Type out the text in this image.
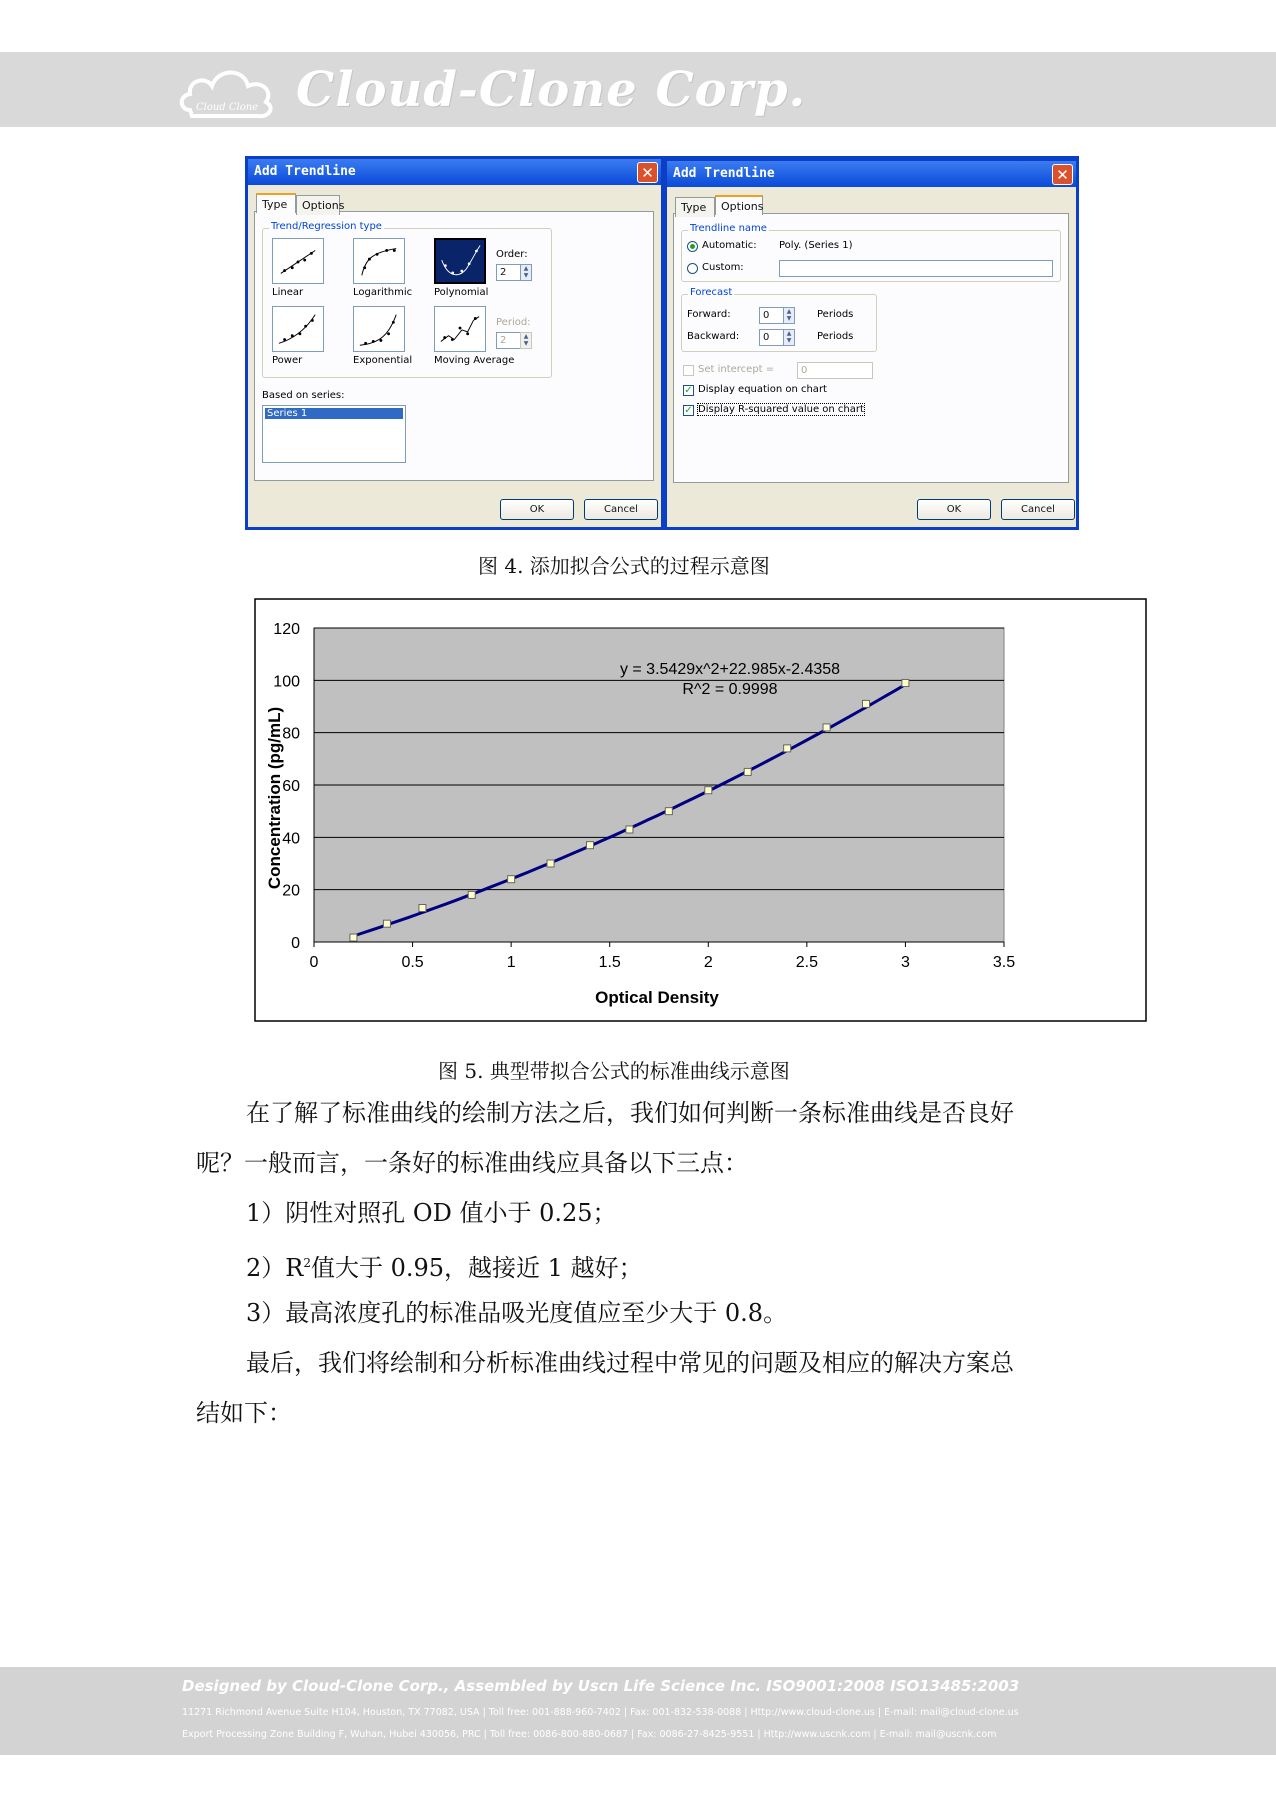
Cloud Clone Cloud-Clone Corp.
Add Trendline	✕
Type	Options
Trend/Regression type
Linear	Logarithmic Polynomial
Order:
2	▲
▼
Power	Exponential Moving Average
Period:
2	▲
▼
Based on series:
Series 1
OK	Cancel
Add Trendline	✕
Type	Options
Trendline name
Automatic: Poly. (Series 1)
Custom:
Forecast
Forward:	0	▲
▼	Periods
Backward:	0	▲
▼	Periods
Set intercept =	0
✓ Display equation on chart
✓ Display R-squared value on chart
OK	Cancel
图 4. 添加拟合公式的过程示意图
0	0.5	1	1.5	2	2.5	3	3.5
0
20
40
60
80
100
120
y = 3.5429x^2+22.985x-2.4358
R^2 = 0.9998
Optical Density
Concentration (pg/mL)
图 5. 典型带拟合公式的标准曲线示意图
在了解了标准曲线的绘制方法之后，我们如何判断一条标准曲线是否良好
呢？一般而言，一条好的标准曲线应具备以下三点：
1）阴性对照孔 OD 值小于 0.25；
$2)R^2$值大于 0.95，越接近 1 越好；
3）最高浓度孔的标准品吸光度值应至少大于 0.8。
最后，我们将绘制和分析标准曲线过程中常见的问题及相应的解决方案总
结如下：
Designed by Cloud-Clone Corp., Assembled by Uscn Life Science Inc. ISO9001:2008 ISO13485:2003
11271 Richmond Avenue Suite H104, Houston, TX 77082, USA | Toll free: 001-888-960-7402 | Fax: 001-832-538-0088 | Http://www.cloud-clone.us | E-mail: mail@cloud-clone.us
Export Processing Zone Building F, Wuhan, Hubei 430056, PRC | Toll free: 0086-800-880-0687 | Fax: 0086-27-8425-9551 | Http://www.uscnk.com | E-mail: mail@uscnk.com
